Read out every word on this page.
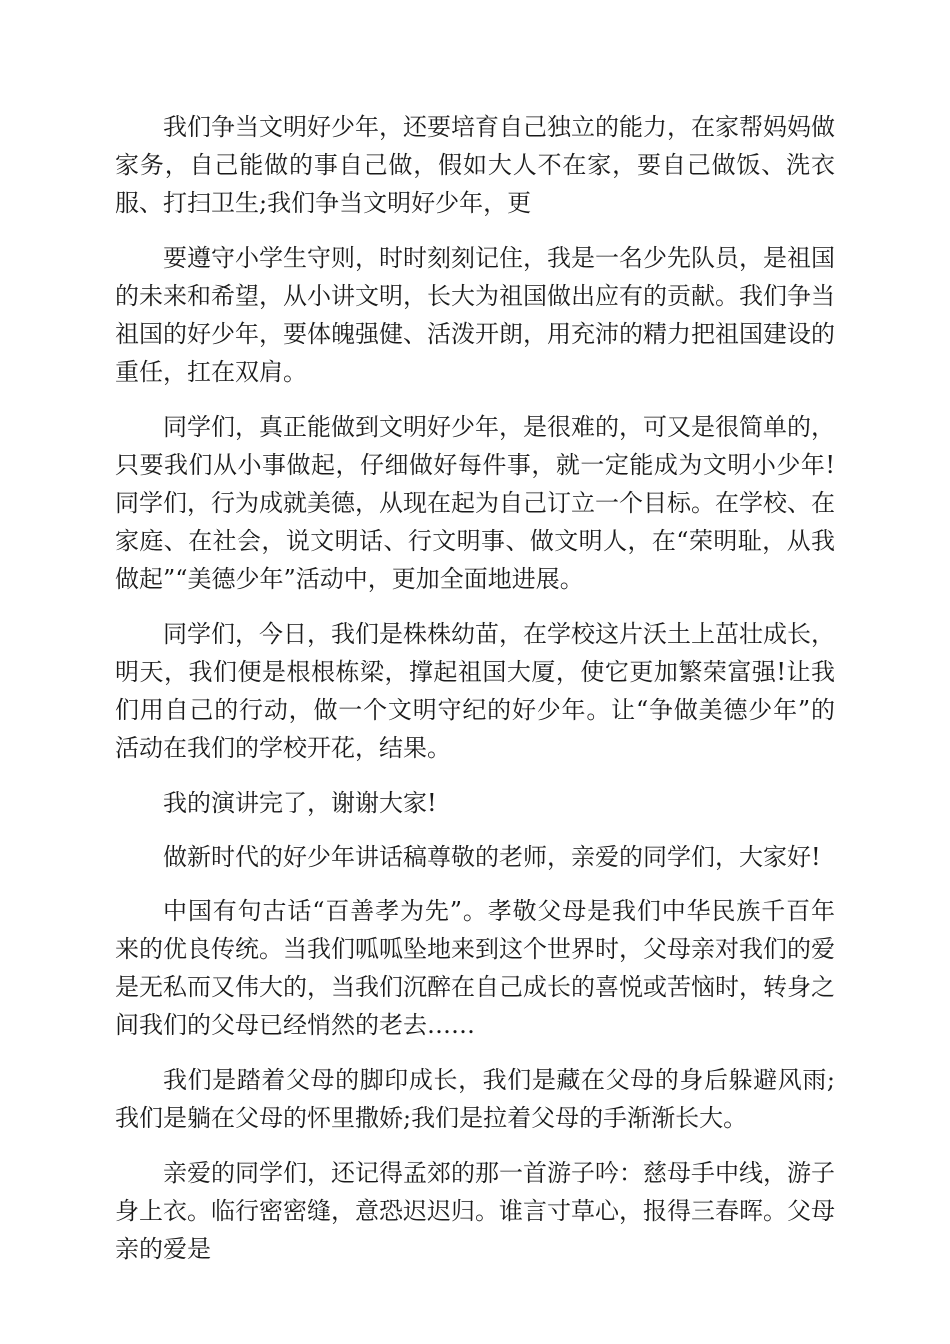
我们争当文明好少年，还要培育自己独立的能力，在家帮妈妈做家务，自己能做的事自己做，假如大人不在家，要自己做饭、洗衣服、打扫卫生;我们争当文明好少年，更

要遵守小学生守则，时时刻刻记住，我是一名少先队员，是祖国的未来和希望，从小讲文明，长大为祖国做出应有的贡献。我们争当祖国的好少年，要体魄强健、活泼开朗，用充沛的精力把祖国建设的重任，扛在双肩。

同学们，真正能做到文明好少年，是很难的，可又是很简单的，只要我们从小事做起，仔细做好每件事，就一定能成为文明小少年!同学们，行为成就美德，从现在起为自己订立一个目标。在学校、在家庭、在社会，说文明话、行文明事、做文明人，在“荣明耻，从我做起”“美德少年”活动中，更加全面地进展。

同学们，今日，我们是株株幼苗，在学校这片沃土上茁壮成长，明天，我们便是根根栋梁，撑起祖国大厦，使它更加繁荣富强!让我们用自己的行动，做一个文明守纪的好少年。让“争做美德少年”的活动在我们的学校开花，结果。

我的演讲完了，谢谢大家!

做新时代的好少年讲话稿尊敬的老师，亲爱的同学们，大家好!

中国有句古话“百善孝为先”。孝敬父母是我们中华民族千百年来的优良传统。当我们呱呱坠地来到这个世界时，父母亲对我们的爱是无私而又伟大的，当我们沉醉在自己成长的喜悦或苦恼时，转身之间我们的父母已经悄然的老去……

我们是踏着父母的脚印成长，我们是藏在父母的身后躲避风雨;我们是躺在父母的怀里撒娇;我们是拉着父母的手渐渐长大。

亲爱的同学们，还记得孟郊的那一首游子吟：慈母手中线，游子身上衣。临行密密缝，意恐迟迟归。谁言寸草心，报得三春晖。父母亲的爱是
